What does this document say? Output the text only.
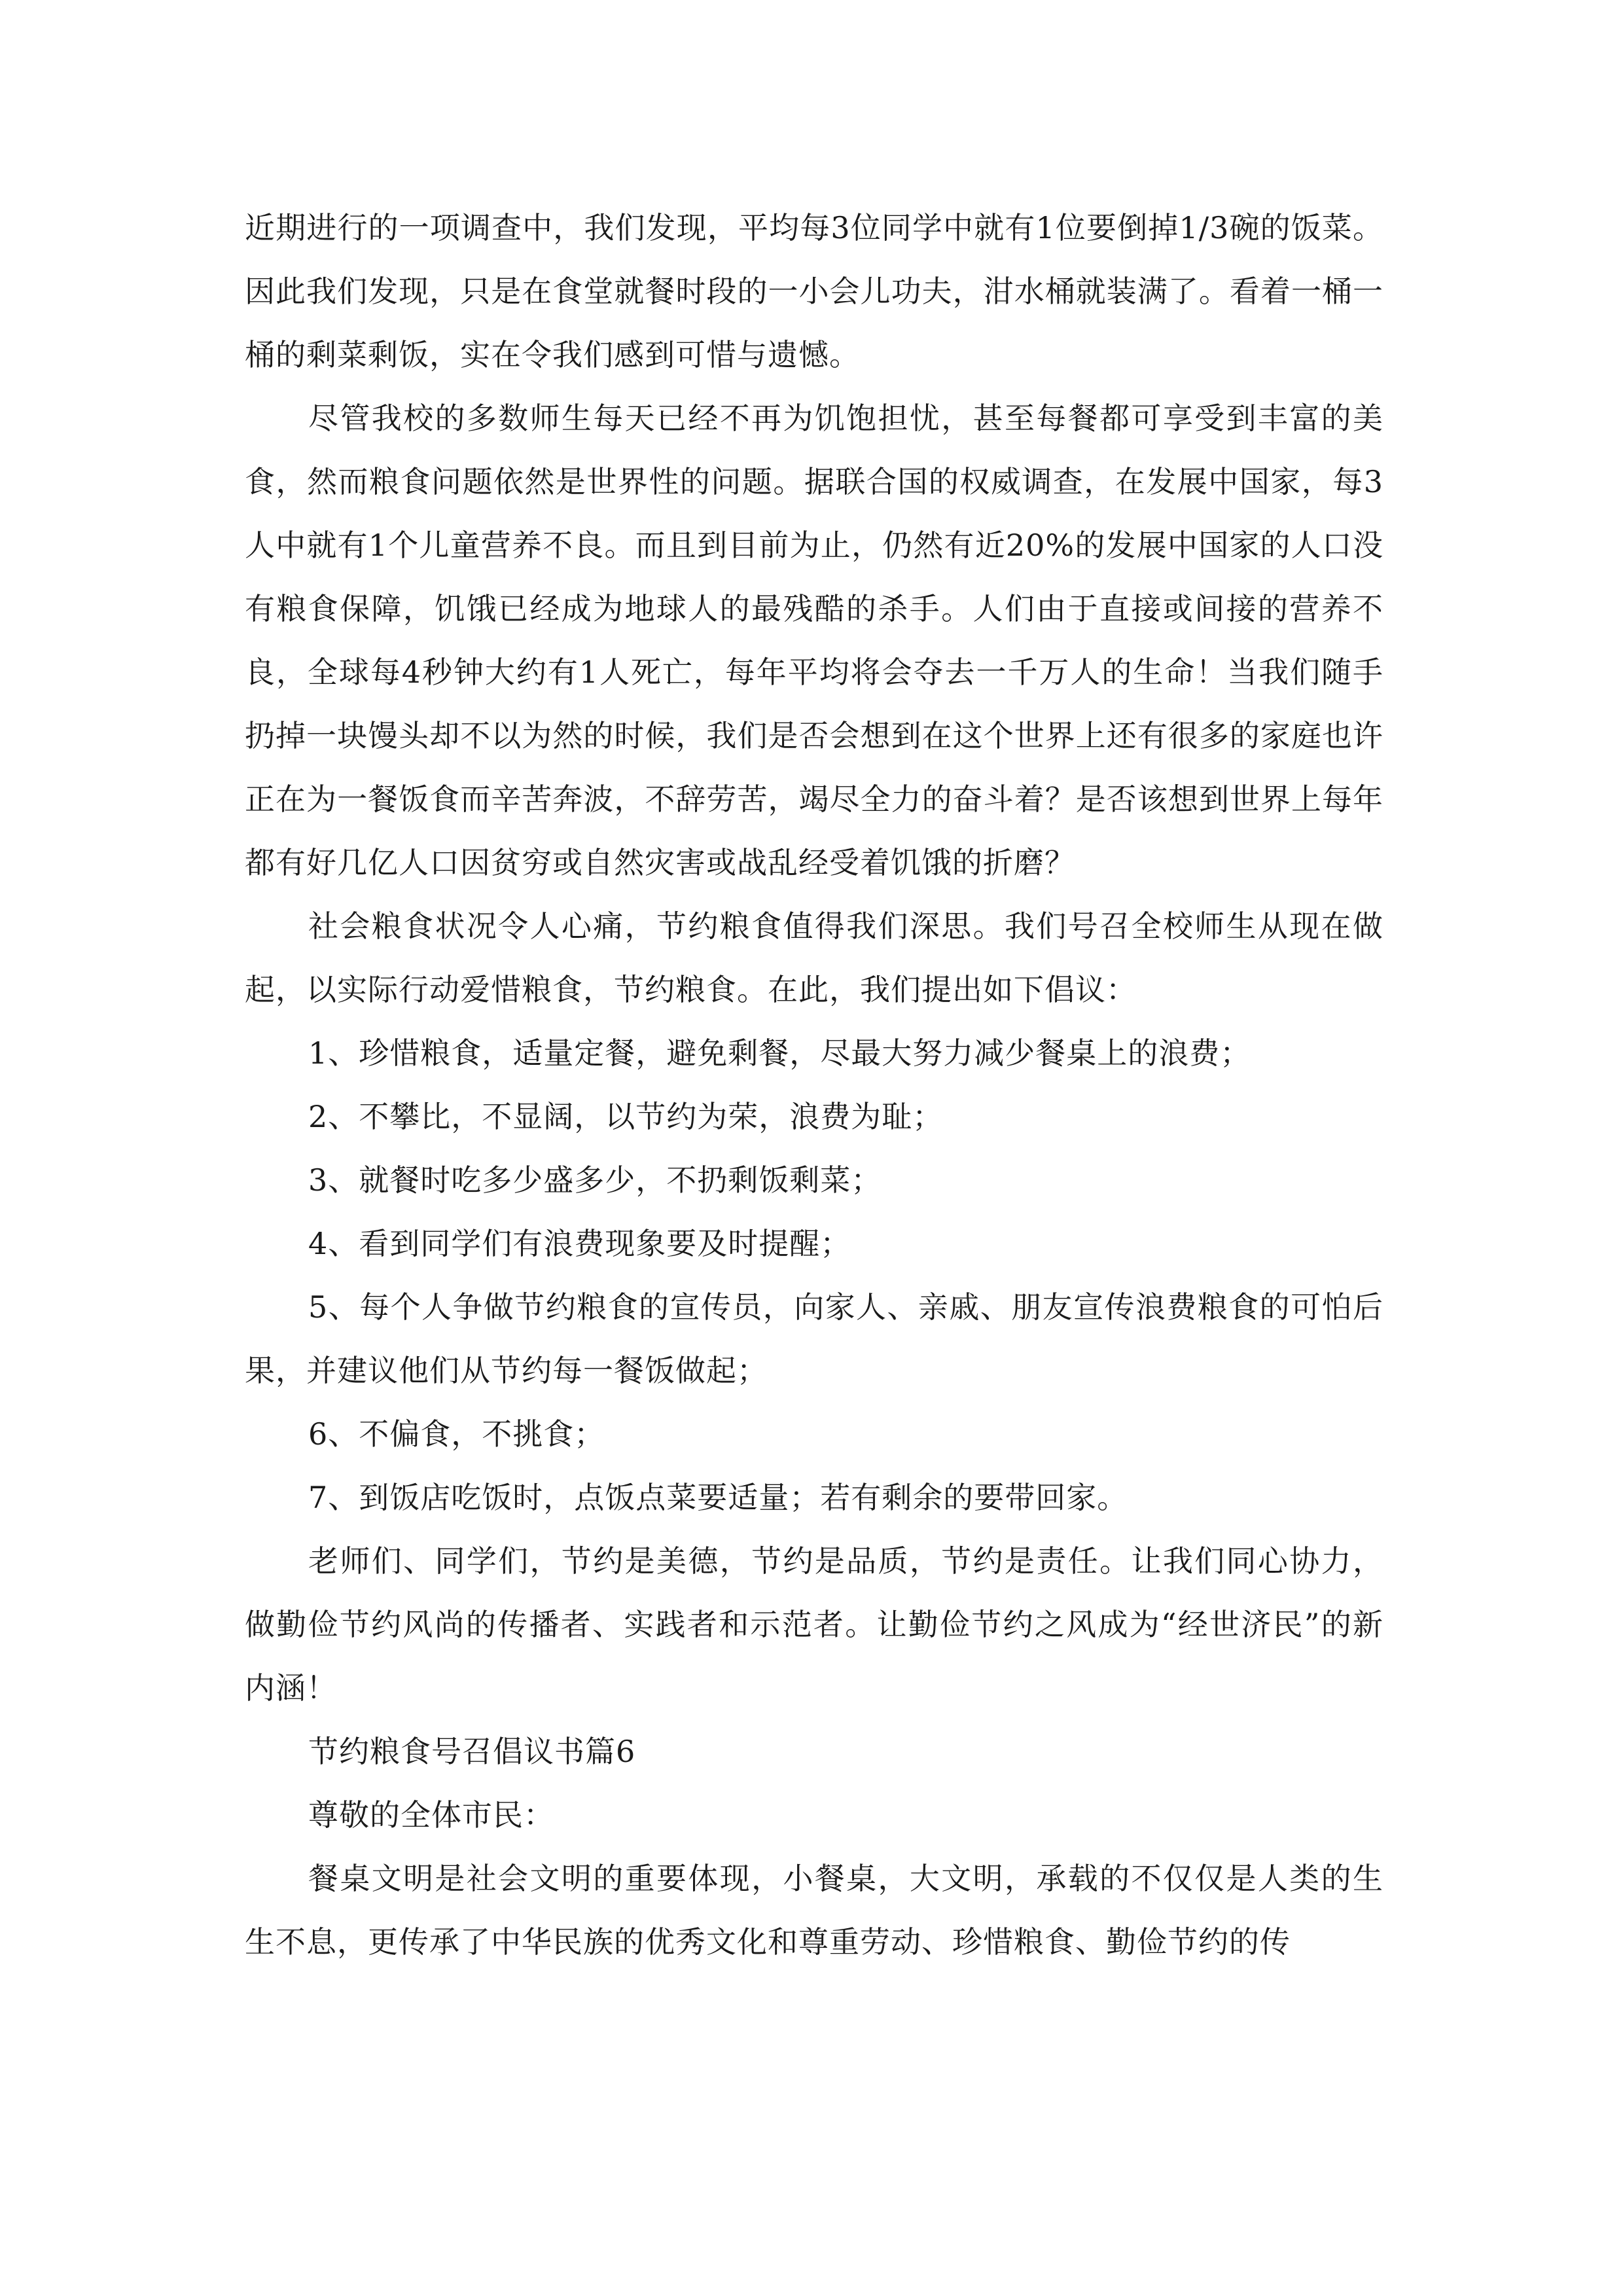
近期进行的一项调查中，我们发现，平均每3位同学中就有1位要倒掉1/3碗的饭菜。因此我们发现，只是在食堂就餐时段的一小会儿功夫，泔水桶就装满了。看着一桶一桶的剩菜剩饭，实在令我们感到可惜与遗憾。

尽管我校的多数师生每天已经不再为饥饱担忧，甚至每餐都可享受到丰富的美食，然而粮食问题依然是世界性的问题。据联合国的权威调查，在发展中国家，每3人中就有1个儿童营养不良。而且到目前为止，仍然有近20%的发展中国家的人口没有粮食保障，饥饿已经成为地球人的最残酷的杀手。人们由于直接或间接的营养不良，全球每4秒钟大约有1人死亡，每年平均将会夺去一千万人的生命！当我们随手扔掉一块馒头却不以为然的时候，我们是否会想到在这个世界上还有很多的家庭也许正在为一餐饭食而辛苦奔波，不辞劳苦，竭尽全力的奋斗着？是否该想到世界上每年都有好几亿人口因贫穷或自然灾害或战乱经受着饥饿的折磨？

社会粮食状况令人心痛，节约粮食值得我们深思。我们号召全校师生从现在做起，以实际行动爱惜粮食，节约粮食。在此，我们提出如下倡议：

1、珍惜粮食，适量定餐，避免剩餐，尽最大努力减少餐桌上的浪费；

2、不攀比，不显阔，以节约为荣，浪费为耻；

3、就餐时吃多少盛多少，不扔剩饭剩菜；

4、看到同学们有浪费现象要及时提醒；

5、每个人争做节约粮食的宣传员，向家人、亲戚、朋友宣传浪费粮食的可怕后果，并建议他们从节约每一餐饭做起；

6、不偏食，不挑食；

7、到饭店吃饭时，点饭点菜要适量；若有剩余的要带回家。

老师们、同学们，节约是美德，节约是品质，节约是责任。让我们同心协力，做勤俭节约风尚的传播者、实践者和示范者。让勤俭节约之风成为“经世济民”的新内涵！

节约粮食号召倡议书篇6

尊敬的全体市民：

餐桌文明是社会文明的重要体现，小餐桌，大文明，承载的不仅仅是人类的生生不息，更传承了中华民族的优秀文化和尊重劳动、珍惜粮食、勤俭节约的传
